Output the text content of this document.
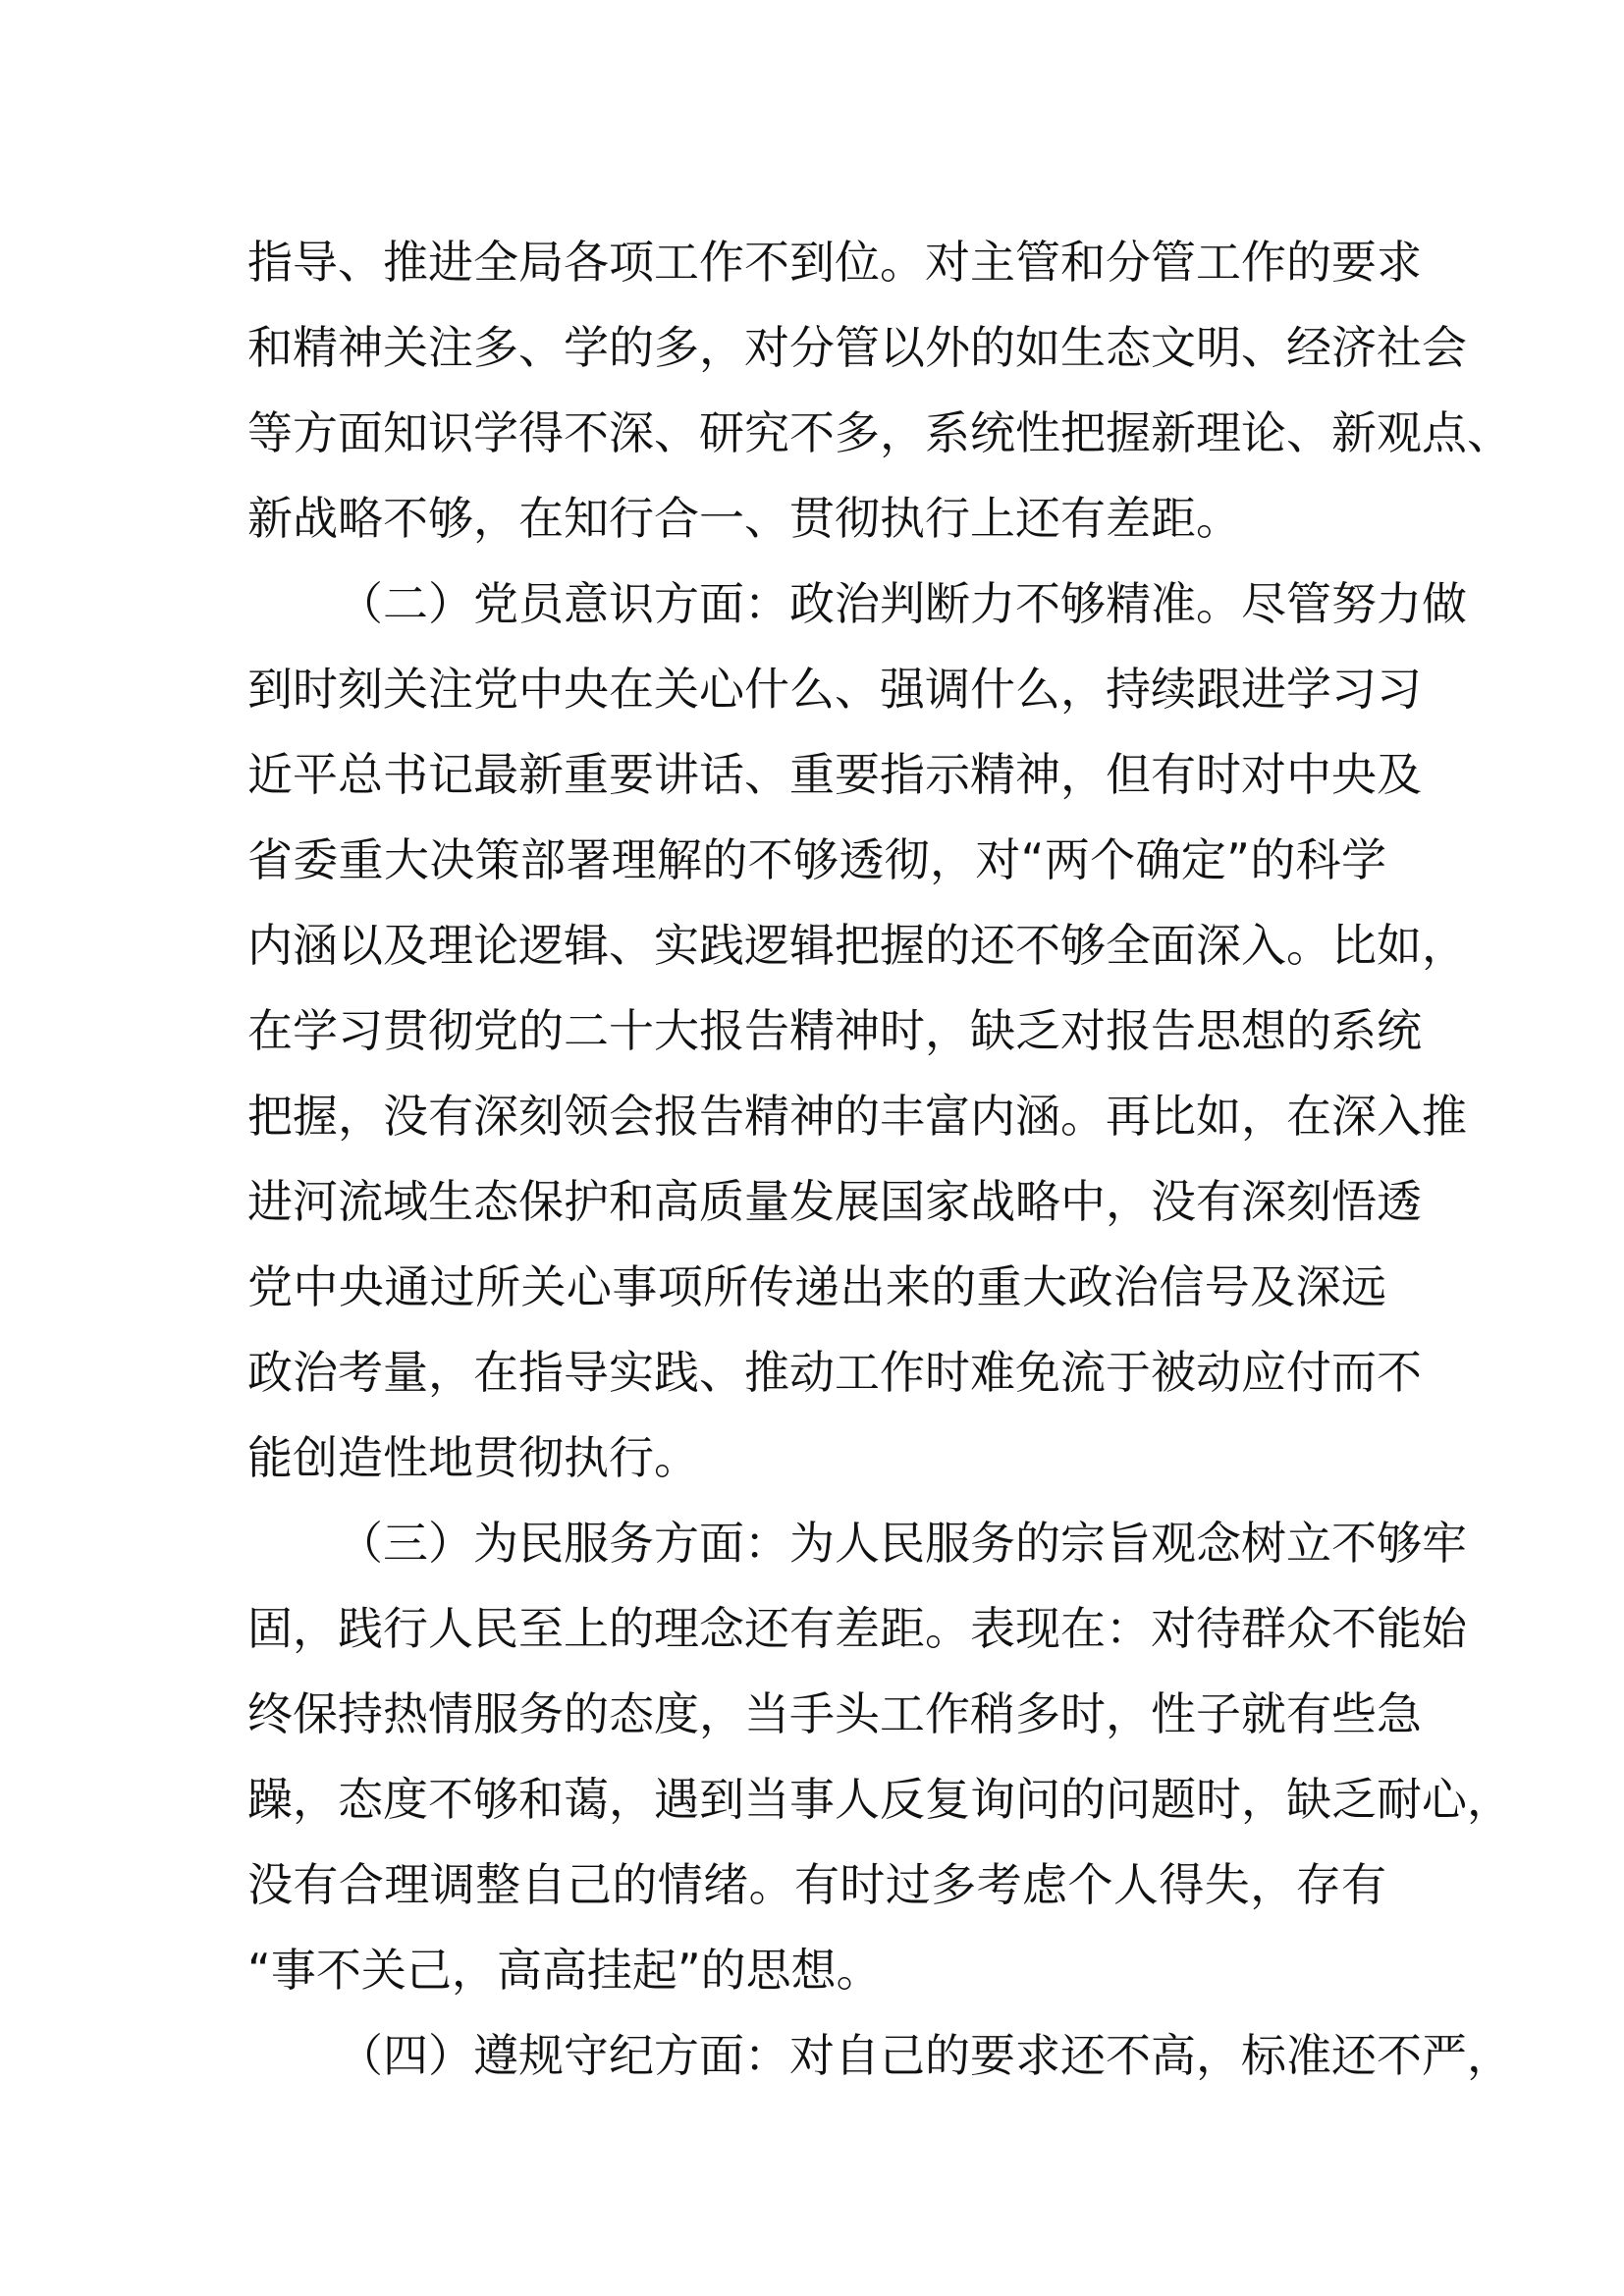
指导、推进全局各项工作不到位。对主管和分管工作的要求
和精神关注多、学的多，对分管以外的如生态文明、经济社会
等方面知识学得不深、研究不多，系统性把握新理论、新观点、
新战略不够，在知行合一、贯彻执行上还有差距。
（二）党员意识方面：政治判断力不够精准。尽管努力做
到时刻关注党中央在关心什么、强调什么，持续跟进学习习
近平总书记最新重要讲话、重要指示精神，但有时对中央及
省委重大决策部署理解的不够透彻，对“两个确定”的科学
内涵以及理论逻辑、实践逻辑把握的还不够全面深入。比如，
在学习贯彻党的二十大报告精神时，缺乏对报告思想的系统
把握，没有深刻领会报告精神的丰富内涵。再比如，在深入推
进河流域生态保护和高质量发展国家战略中，没有深刻悟透
党中央通过所关心事项所传递出来的重大政治信号及深远
政治考量，在指导实践、推动工作时难免流于被动应付而不
能创造性地贯彻执行。
（三）为民服务方面：为人民服务的宗旨观念树立不够牢
固，践行人民至上的理念还有差距。表现在：对待群众不能始
终保持热情服务的态度，当手头工作稍多时，性子就有些急
躁，态度不够和蔼，遇到当事人反复询问的问题时，缺乏耐心，
没有合理调整自己的情绪。有时过多考虑个人得失，存有
“事不关己，高高挂起”的思想。
（四）遵规守纪方面：对自己的要求还不高，标准还不严，
